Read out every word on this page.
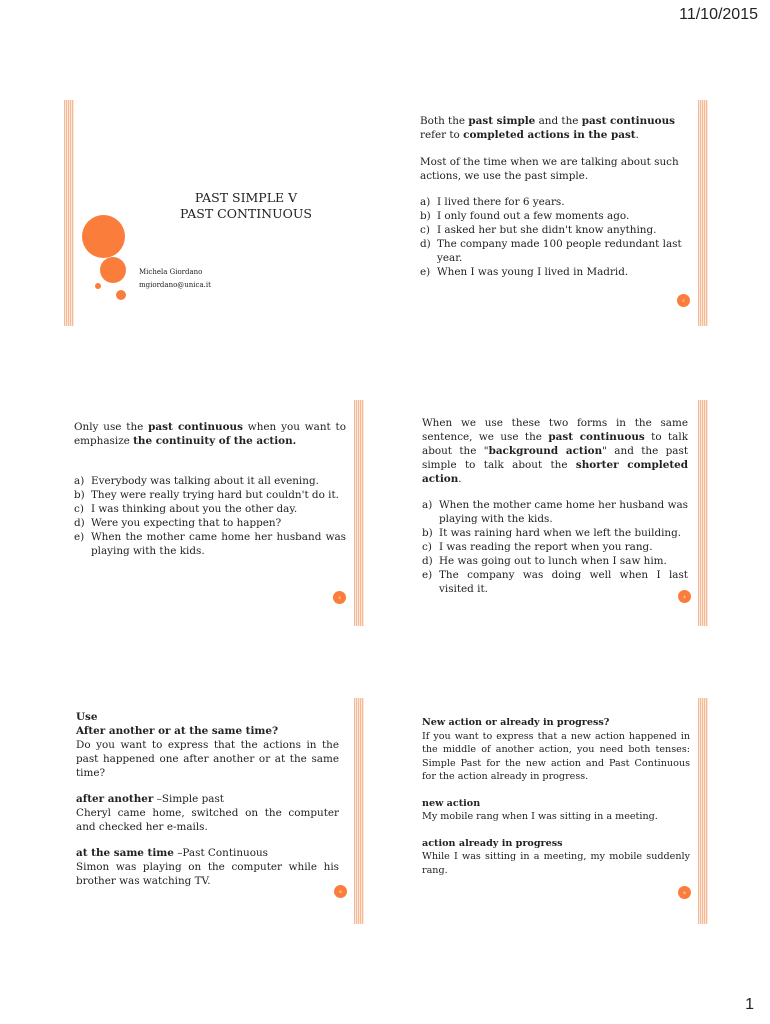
11/10/2015
PAST SIMPLE V
PAST CONTINUOUS
Michela Giordano
mgiordano@unica.it
Both the past simple and the past continuous refer to completed actions in the past.
Most of the time when we are talking about such actions, we use the past simple.
a) I lived there for 6 years.
b) I only found out a few moments ago.
c) I asked her but she didn't know anything.
d) The company made 100 people redundant last year.
e) When I was young I lived in Madrid.
2
Only use the past continuous when you want to emphasize the continuity of the action.
a) Everybody was talking about it all evening.
b) They were really trying hard but couldn't do it.
c) I was thinking about you the other day.
d) Were you expecting that to happen?
e) When the mother came home her husband was playing with the kids.
3
When we use these two forms in the same sentence, we use the past continuous to talk about the "background action" and the past simple to talk about the shorter completed action.
a) When the mother came home her husband was playing with the kids.
b) It was raining hard when we left the building.
c) I was reading the report when you rang.
d) He was going out to lunch when I saw him.
e) The company was doing well when I last visited it.
4
Use
After another or at the same time?
Do you want to express that the actions in the past happened one after another or at the same time?
after another –Simple past
Cheryl came home, switched on the computer and checked her e-mails.
at the same time –Past Continuous
Simon was playing on the computer while his brother was watching TV.
5
New action or already in progress?
If you want to express that a new action happened in the middle of another action, you need both tenses: Simple Past for the new action and Past Continuous for the action already in progress.
new action
My mobile rang when I was sitting in a meeting.
action already in progress
While I was sitting in a meeting, my mobile suddenly rang.
6
1
